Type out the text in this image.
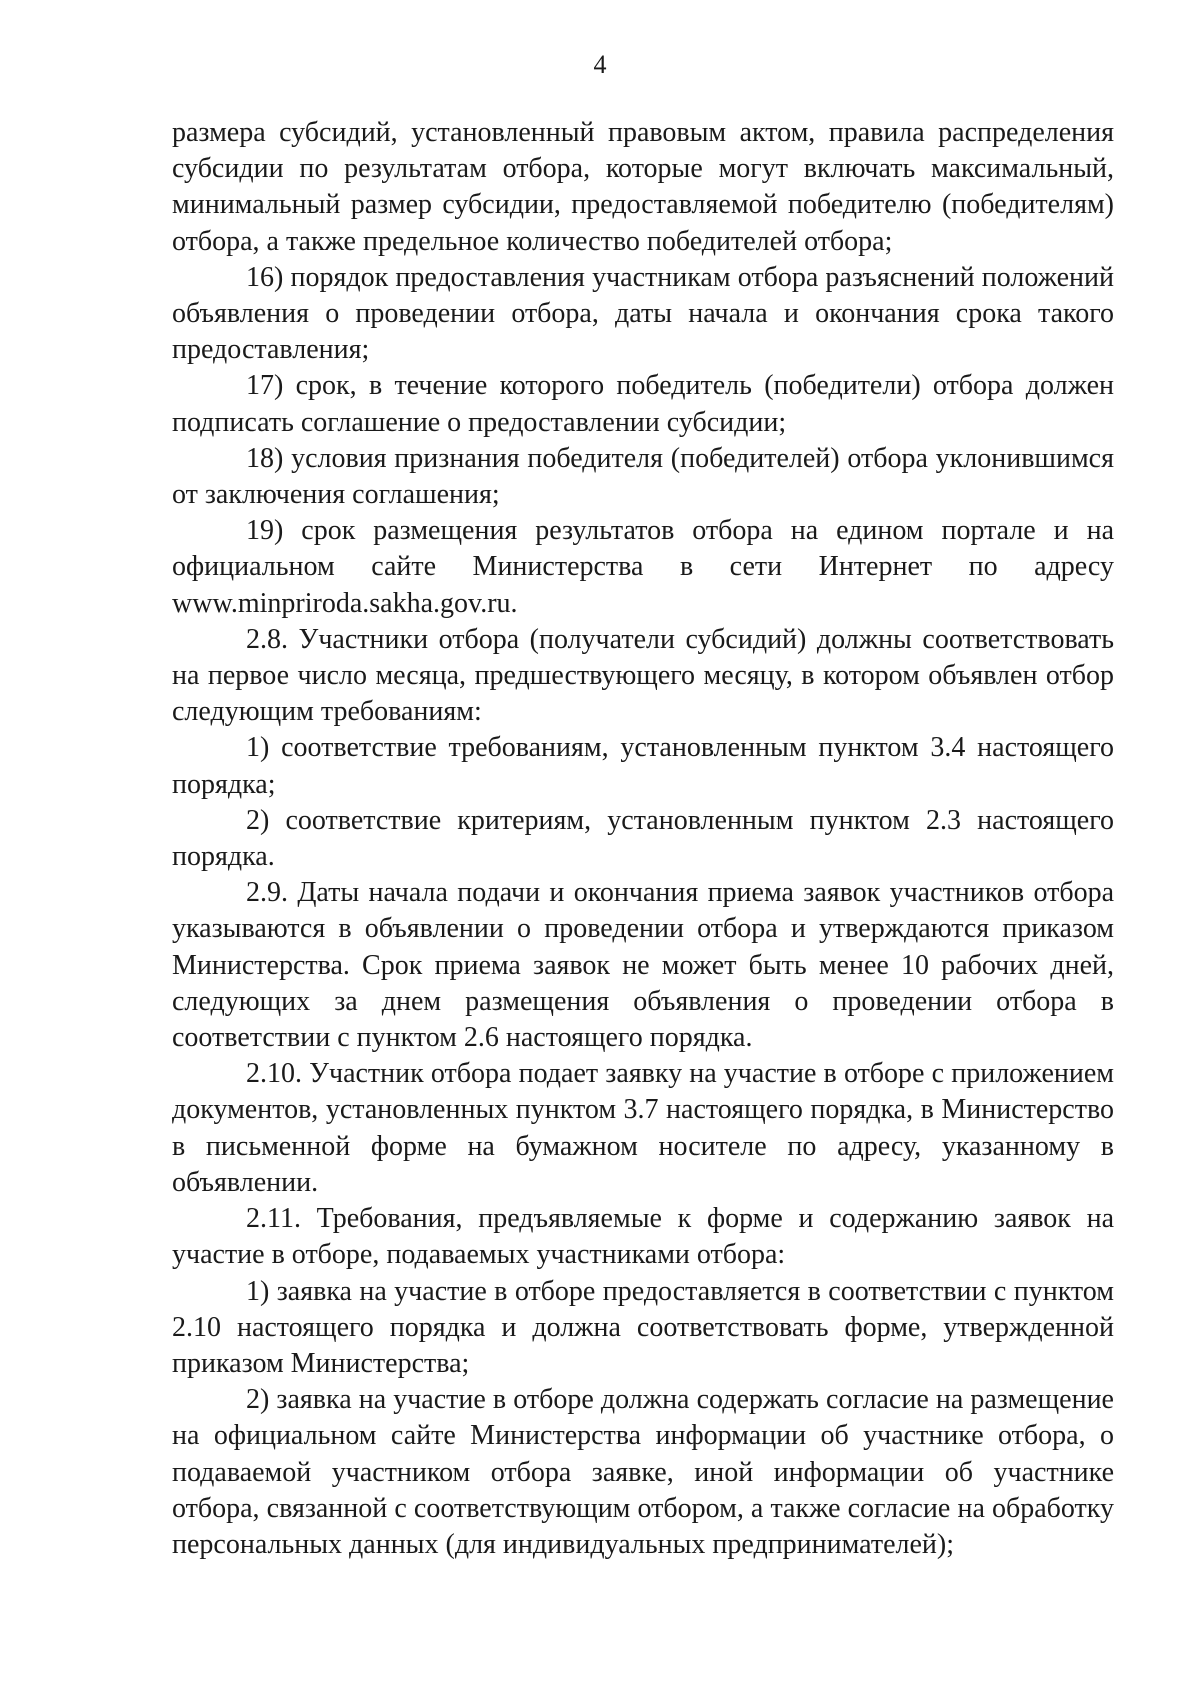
4

размера субсидий, установленный правовым актом, правила распределения субсидии по результатам отбора, которые могут включать максимальный, минимальный размер субсидии, предоставляемой победителю (победителям) отбора, а также предельное количество победителей отбора;

16) порядок предоставления участникам отбора разъяснений положений объявления о проведении отбора, даты начала и окончания срока такого предоставления;

17) срок, в течение которого победитель (победители) отбора должен подписать соглашение о предоставлении субсидии;

18) условия признания победителя (победителей) отбора уклонившимся от заключения соглашения;

19) срок размещения результатов отбора на едином портале и на официальном сайте Министерства в сети Интернет по адресу www.minpriroda.sakha.gov.ru.

2.8. Участники отбора (получатели субсидий) должны соответствовать на первое число месяца, предшествующего месяцу, в котором объявлен отбор следующим требованиям:

1) соответствие требованиям, установленным пунктом 3.4 настоящего порядка;

2) соответствие критериям, установленным пунктом 2.3 настоящего порядка.

2.9. Даты начала подачи и окончания приема заявок участников отбора указываются в объявлении о проведении отбора и утверждаются приказом Министерства. Срок приема заявок не может быть менее 10 рабочих дней, следующих за днем размещения объявления о проведении отбора в соответствии с пунктом 2.6 настоящего порядка.

2.10. Участник отбора подает заявку на участие в отборе с приложением документов, установленных пунктом 3.7 настоящего порядка, в Министерство в письменной форме на бумажном носителе по адресу, указанному в объявлении.

2.11. Требования, предъявляемые к форме и содержанию заявок на участие в отборе, подаваемых участниками отбора:

1) заявка на участие в отборе предоставляется в соответствии с пунктом 2.10 настоящего порядка и должна соответствовать форме, утвержденной приказом Министерства;

2) заявка на участие в отборе должна содержать согласие на размещение на официальном сайте Министерства информации об участнике отбора, о подаваемой участником отбора заявке, иной информации об участнике отбора, связанной с соответствующим отбором, а также согласие на обработку персональных данных (для индивидуальных предпринимателей);
